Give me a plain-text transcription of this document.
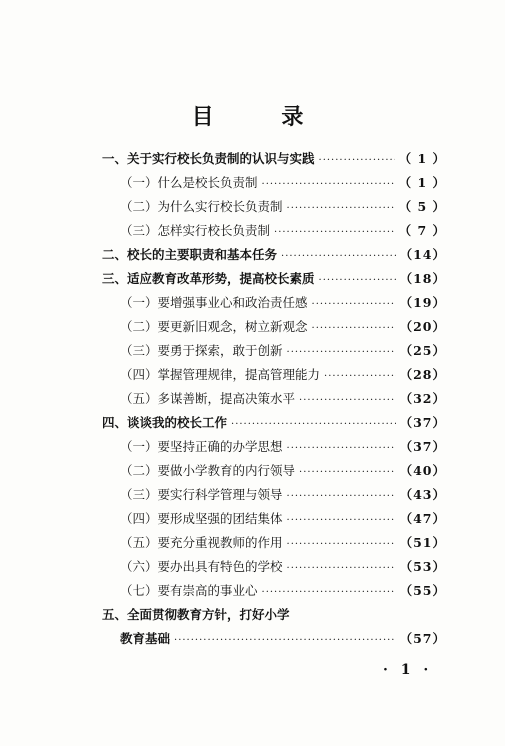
目 录
一、关于实行校长负责制的认识与实践 ·····	（ 1 ）
（一）什么是校长负责制 ·····	（ 1 ）
（二）为什么实行校长负责制 ·····	（ 5 ）
（三）怎样实行校长负责制 ·····	（ 7 ）
二、校长的主要职责和基本任务 ·····	（14）
三、适应教育改革形势，提高校长素质 ·····	（18）
（一）要增强事业心和政治责任感 ·····	（19）
（二）要更新旧观念，树立新观念 ·····	（20）
（三）要勇于探索，敢于创新 ·····	（25）
（四）掌握管理规律，提高管理能力 ·····	（28）
（五）多谋善断，提高决策水平 ·····	（32）
四、谈谈我的校长工作 ·····	（37）
（一）要坚持正确的办学思想 ·····	（37）
（二）要做小学教育的内行领导 ·····	（40）
（三）要实行科学管理与领导 ·····	（43）
（四）要形成坚强的团结集体 ·····	（47）
（五）要充分重视教师的作用 ·····	（51）
（六）要办出具有特色的学校 ·····	（53）
（七）要有崇高的事业心 ·····	（55）
五、全面贯彻教育方针，打好小学
教育基础 ·····	（57）
· 1 ·
